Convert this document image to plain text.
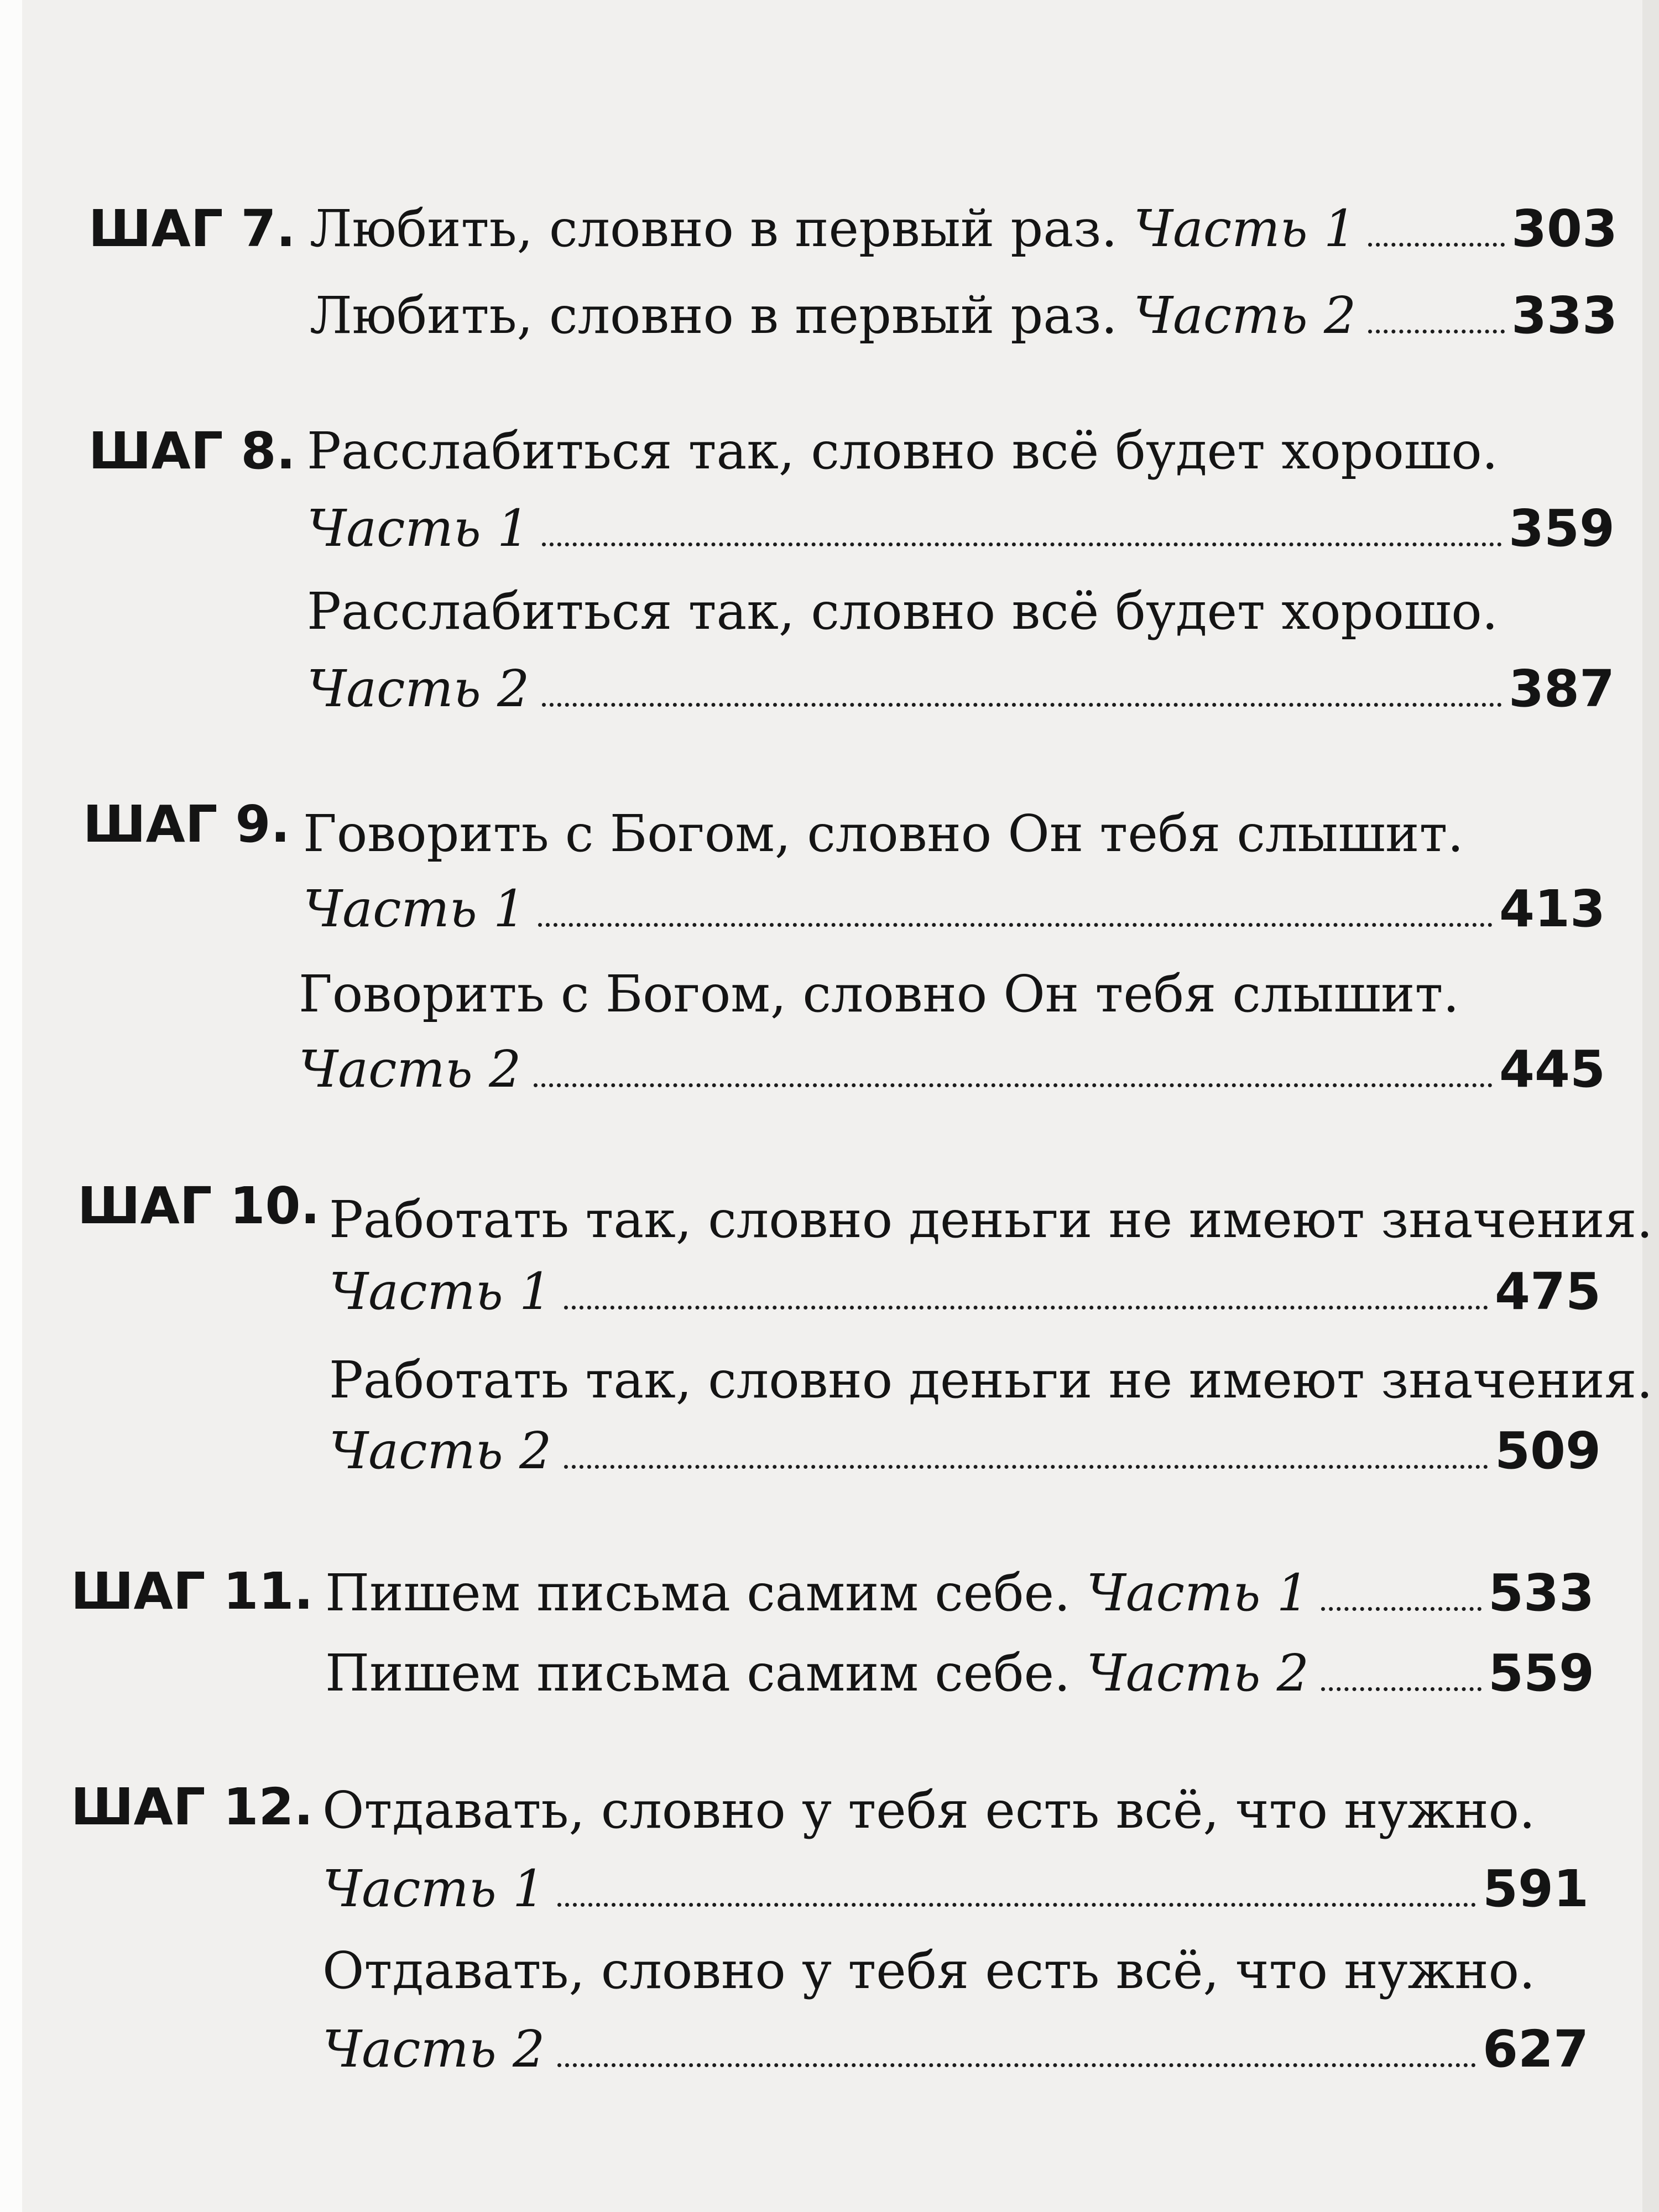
ШАГ 7. Любить, словно в первый раз. Часть 1	303
Любить, словно в первый раз. Часть 2	333
ШАГ 8. Расслабиться так, словно всё будет хорошо.
Часть 1	359
Расслабиться так, словно всё будет хорошо.
Часть 2	387
ШАГ 9. Говорить с Богом, словно Он тебя слышит.
Часть 1	413
Говорить с Богом, словно Он тебя слышит.
Часть 2	445
ШАГ 10. Работать так, словно деньги не имеют значения.
Часть 1	475
Работать так, словно деньги не имеют значения.
Часть 2	509
ШАГ 11. Пишем письма самим себе. Часть 1	533
Пишем письма самим себе. Часть 2	559
ШАГ 12. Отдавать, словно у тебя есть всё, что нужно.
Часть 1	591
Отдавать, словно у тебя есть всё, что нужно.
Часть 2	627
